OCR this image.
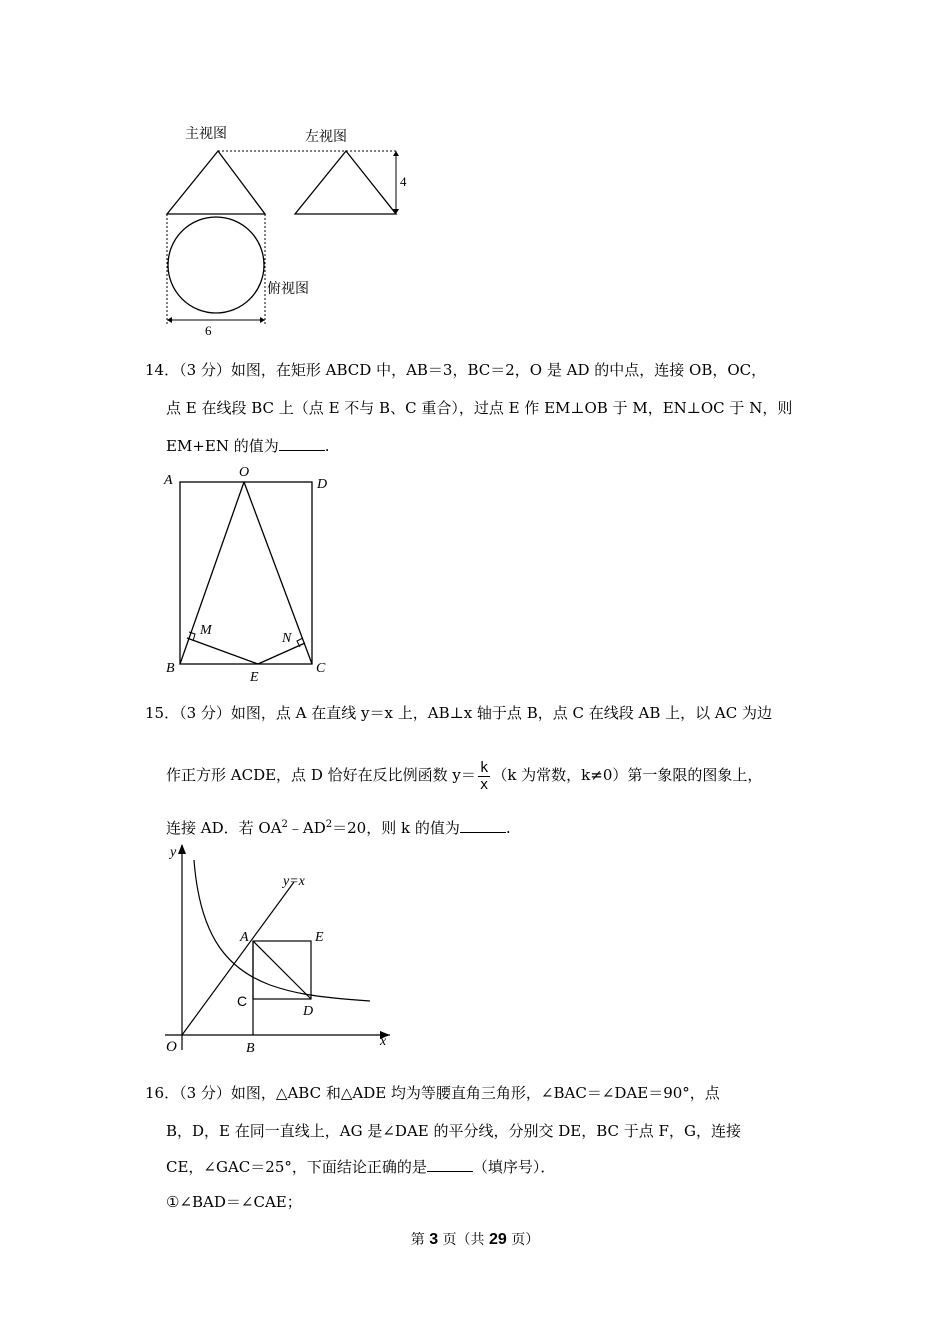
主视图	左视图
4
俯视图
6
14．（3 分）如图，在矩形 ABCD 中，AB＝3，BC＝2，O 是 AD 的中点，连接 OB，OC，
点 E 在线段 BC 上（点 E 不与 B、C 重合），过点 E 作 EM⊥OB 于 M，EN⊥OC 于 N，则
EM+EN 的值为	.
A
O
D
M
N
B
E
C
15．（3 分）如图，点 A 在直线 y＝x 上，AB⊥x 轴于点 B，点 C 在线段 AB 上，以 AC 为边
作正方形 ACDE，点 D 恰好在反比例函数 $y= \frac{k}{x} (k$ 为常数，k≠0）第一象限的图象上，
连接 AD．若 $OA^2﹣AD^2=20$，则 k 的值为	.
y
x
y=x
A	E
C
D
O	B
16．（3 分）如图，△ABC 和△ADE 均为等腰直角三角形，∠BAC＝∠DAE＝90°，点
B，D，E 在同一直线上，AG 是∠DAE 的平分线，分别交 DE，BC 于点 F，G，连接
CE，∠GAC＝25°，下面结论正确的是	（填序号）．
①∠BAD＝∠CAE；
第 3 页（共 29 页）
